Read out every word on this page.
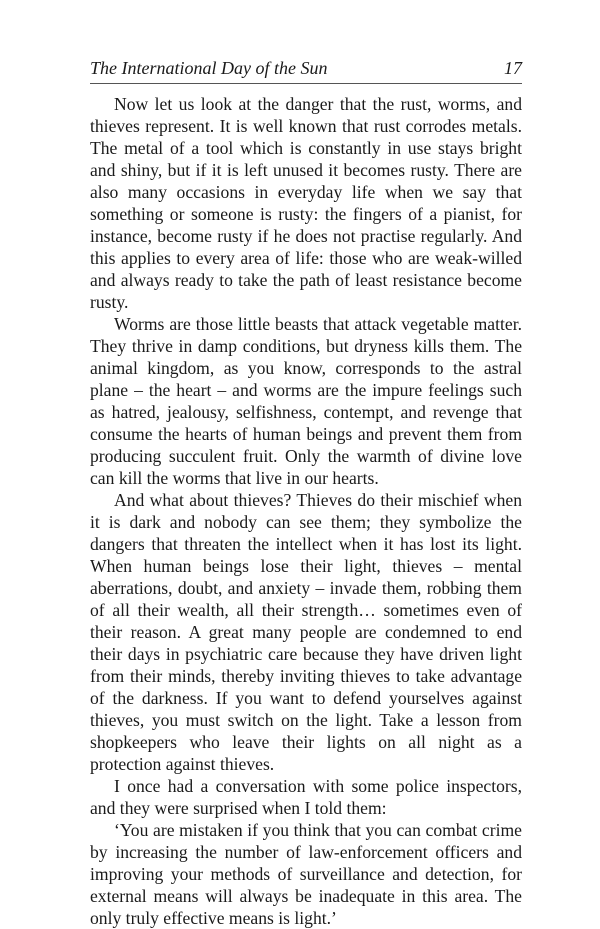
The International Day of the Sun	17

Now let us look at the danger that the rust, worms, and thieves represent. It is well known that rust corrodes metals. The metal of a tool which is constantly in use stays bright and shiny, but if it is left unused it becomes rusty. There are also many occasions in everyday life when we say that something or someone is rusty: the fingers of a pianist, for instance, become rusty if he does not practise regularly. And this applies to every area of life: those who are weak-willed and always ready to take the path of least resistance become rusty.

Worms are those little beasts that attack vegetable matter. They thrive in damp conditions, but dryness kills them. The animal kingdom, as you know, corresponds to the astral plane – the heart – and worms are the impure feelings such as hatred, jealousy, selfishness, contempt, and revenge that consume the hearts of human beings and prevent them from producing succulent fruit. Only the warmth of divine love can kill the worms that live in our hearts.

And what about thieves? Thieves do their mischief when it is dark and nobody can see them; they symbolize the dangers that threaten the intellect when it has lost its light. When human beings lose their light, thieves – mental aberrations, doubt, and anxiety – invade them, robbing them of all their wealth, all their strength… sometimes even of their reason. A great many people are condemned to end their days in psychiatric care because they have driven light from their minds, thereby inviting thieves to take advantage of the darkness. If you want to defend yourselves against thieves, you must switch on the light. Take a lesson from shopkeepers who leave their lights on all night as a protection against thieves.

I once had a conversation with some police inspectors, and they were surprised when I told them:

‘You are mistaken if you think that you can combat crime by increasing the number of law-enforcement officers and improving your methods of surveillance and detection, for external means will always be inadequate in this area. The only truly effective means is light.’
